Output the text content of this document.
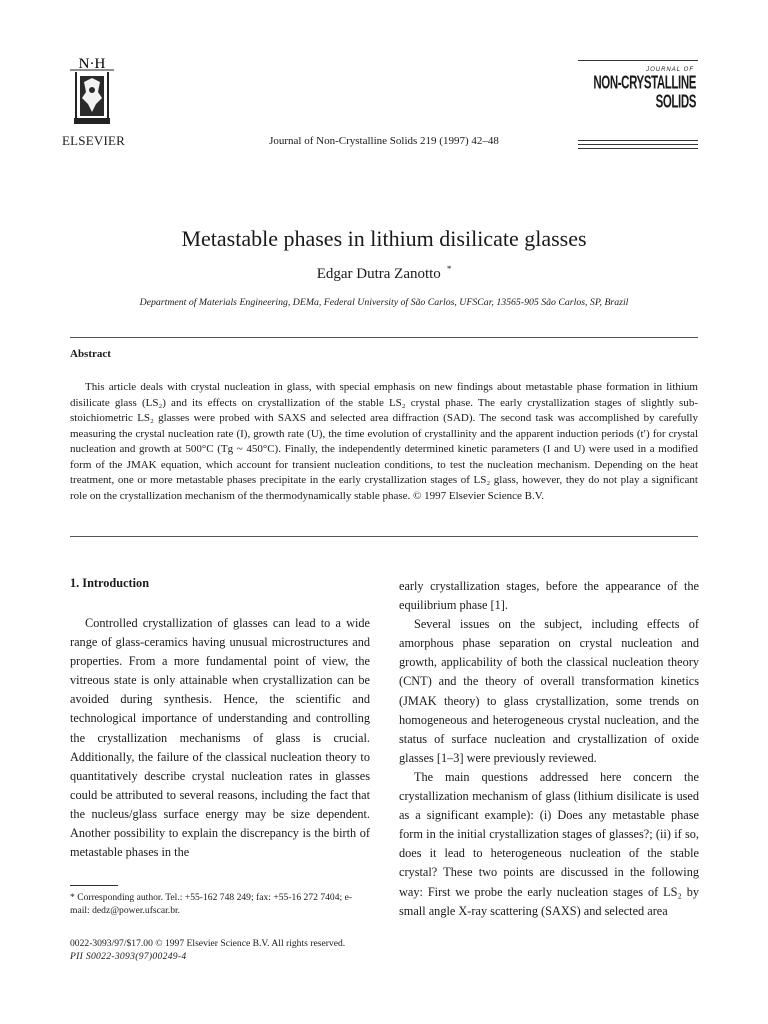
N·H
ELSEVIER	Journal of Non-Crystalline Solids 219 (1997) 42–48
JOURNAL OF
NON-CRYSTALLINE SOLIDS
Metastable phases in lithium disilicate glasses
Edgar Dutra Zanotto *
Department of Materials Engineering, DEMa, Federal University of São Carlos, UFSCar, 13565-905 São Carlos, SP, Brazil
Abstract
This article deals with crystal nucleation in glass, with special emphasis on new findings about metastable phase formation in lithium disilicate glass (LS₂) and its effects on crystallization of the stable LS₂ crystal phase. The early crystallization stages of slightly sub-stoichiometric LS₂ glasses were probed with SAXS and selected area diffraction (SAD). The second task was accomplished by carefully measuring the crystal nucleation rate (I), growth rate (U), the time evolution of crystallinity and the apparent induction periods (t′) for crystal nucleation and growth at 500°C (Tg ~ 450°C). Finally, the independently determined kinetic parameters (I and U) were used in a modified form of the JMAK equation, which account for transient nucleation conditions, to test the nucleation mechanism. Depending on the heat treatment, one or more metastable phases precipitate in the early crystallization stages of LS₂ glass, however, they do not play a significant role on the crystallization mechanism of the thermodynamically stable phase. © 1997 Elsevier Science B.V.
1. Introduction

Controlled crystallization of glasses can lead to a wide range of glass-ceramics having unusual microstructures and properties. From a more fundamental point of view, the vitreous state is only attainable when crystallization can be avoided during synthesis. Hence, the scientific and technological importance of understanding and controlling the crystallization mechanisms of glass is crucial. Additionally, the failure of the classical nucleation theory to quantitatively describe crystal nucleation rates in glasses could be attributed to several reasons, including the fact that the nucleus/glass surface energy may be size dependent. Another possibility to explain the discrepancy is the birth of metastable phases in the

early crystallization stages, before the appearance of the equilibrium phase [1].

Several issues on the subject, including effects of amorphous phase separation on crystal nucleation and growth, applicability of both the classical nucleation theory (CNT) and the theory of overall transformation kinetics (JMAK theory) to glass crystallization, some trends on homogeneous and heterogeneous crystal nucleation, and the status of surface nucleation and crystallization of oxide glasses [1–3] were previously reviewed.

The main questions addressed here concern the crystallization mechanism of glass (lithium disilicate is used as a significant example): (i) Does any metastable phase form in the initial crystallization stages of glasses?; (ii) if so, does it lead to heterogeneous nucleation of the stable crystal? These two points are discussed in the following way: First we probe the early nucleation stages of LS₂ by small angle X-ray scattering (SAXS) and selected area

* Corresponding author. Tel.: +55-162 748 249; fax: +55-16 272 7404; e-mail: dedz@power.ufscar.br.
0022-3093/97/$17.00 © 1997 Elsevier Science B.V. All rights reserved.
PII S0022-3093(97)00249-4
